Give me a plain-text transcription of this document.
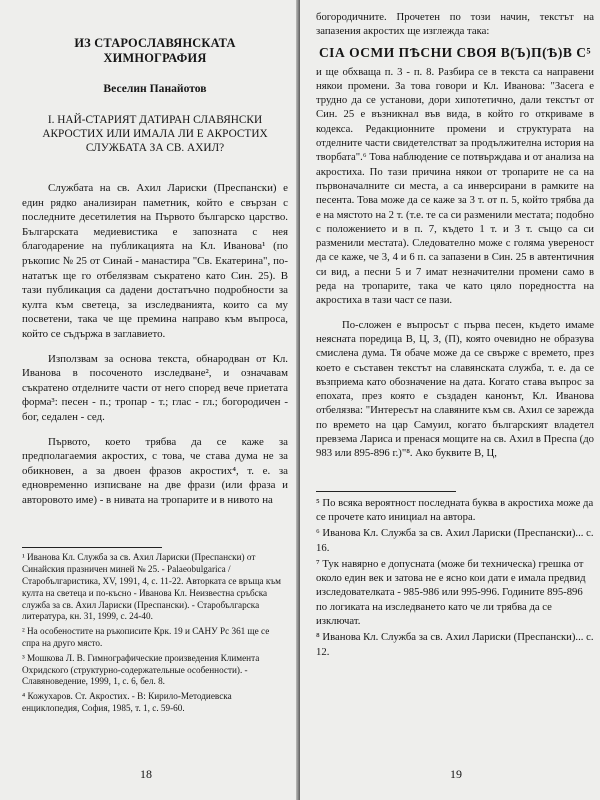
ИЗ СТАРОСЛАВЯНСКАТА ХИМНОГРАФИЯ
Веселин Панайотов
I. НАЙ-СТАРИЯТ ДАТИРАН СЛАВЯНСКИ АКРОСТИХ ИЛИ ИМАЛА ЛИ Е АКРОСТИХ СЛУЖБАТА ЗА СВ. АХИЛ?

Службата на св. Ахил Лариски (Преспански) е един рядко анализиран паметник, който е свързан с последните десетилетия на Първото българско царство. Българската медиевистика е запозната с нея благодарение на публикацията на Кл. Иванова¹ (по ръкопис № 25 от Синай - манастира "Св. Екатерина", по-нататък ще го отбелязвам съкратено като Син. 25). В тази публикация са дадени достатъчно подробности за култа към светеца, за изследванията, които са му посветени, така че ще премина направо към въпроса, който се съдържа в заглавието.

Използвам за основа текста, обнародван от Кл. Иванова в посоченото изследване², и означавам съкратено отделните части от него според вече приетата форма³: песен - п.; тропар - т.; глас - гл.; богородичен - бог, седален - сед.

Първото, което трябва да се каже за предполагаемия акростих, с това, че става дума не за обикновен, а за двоен фразов акростих⁴, т. е. за едновременно изписване на две фрази (или фраза и авторовото име) - в нивата на тропарите и в нивото на

¹ Иванова Кл. Служба за св. Ахил Лариски (Преспански) от Синайския празничен миней № 25. - Palaeobulgarica / Старобългаристика, XV, 1991, 4, с. 11-22. Авторката се връща към култа на светеца и по-късно - Иванова Кл. Неизвестна сръбска служба за св. Ахил Лариски (Преспански). - Старобългарска литература, кн. 31, 1999, с. 24-40.

² На особеностите на ръкописите Крк. 19 и САНУ Рс 361 ще се спра на друго място.

³ Мошкова Л. В. Гимнографические произведения Климента Охридского (структурно-содержательные особенности). - Славяноведение, 1999, 1, с. 6, бел. 8.

⁴ Кожухаров. Ст. Акростих. - В: Кирило-Методиевска енциклопедия, София, 1985, т. 1, с. 59-60.

18

богородичните. Прочетен по този начин, текстът на запазения акростих ще изглежда така:

СІА ОСМИ ПѢСНИ СВОЯ В(Ъ)П(Ѣ)В С⁵

и ще обхваща п. 3 - п. 8. Разбира се в текста са направени някои промени. За това говори и Кл. Иванова: "Засега е трудно да се установи, дори хипотетично, дали текстът от Син. 25 е възникнал във вида, в който го откриваме в кодекса. Редакционните промени и структурата на отделните части свидетелстват за продължителна история на творбата".⁶ Това наблюдение се потвърждава и от анализа на акростиха. По тази причина някои от тропарите не са на първоначалните си места, а са инверсирани в рамките на песента. Това може да се каже за 3 т. от п. 5, който трябва да е на мястото на 2 т. (т.е. те са си разменили местата; подобно с положението и в п. 7, където 1 т. и 3 т. също са си разменили местата). Следователно може с голяма увереност да се каже, че 3, 4 и 6 п. са запазени в Син. 25 в автентичния си вид, а песни 5 и 7 имат незначителни промени само в реда на тропарите, така че като цяло поредността на акростиха в тази част се пази.

По-сложен е въпросът с първа песен, където имаме неясната поредица В, Ц, З, (П), която очевидно не образува смислена дума. Тя обаче може да се свърже с времето, през което е съставен текстът на славянската служба, т. е. да се възприема като обозначение на дата. Когато става въпрос за епохата, през която е създаден канонът, Кл. Иванова отбелязва: "Интересът на славяните към св. Ахил се зарежда по времето на цар Самуил, когато българският владетел превзема Лариса и пренася мощите на св. Ахил в Преспа (до 983 или 895-896 г.)"⁸. Ако буквите В, Ц,

⁵ По всяка вероятност последната буква в акростиха може да се прочете като инициал на автора.

⁶ Иванова Кл. Служба за св. Ахил Лариски (Преспански)... с. 16.

⁷ Тук навярно е допусната (може би техническа) грешка от около един век и затова не е ясно кои дати е имала предвид изследователката - 985-986 или 995-996. Годините 895-896 по логиката на изследването като че ли трябва да се изключат.

⁸ Иванова Кл. Служба за св. Ахил Лариски (Преспански)... с. 12.

19
